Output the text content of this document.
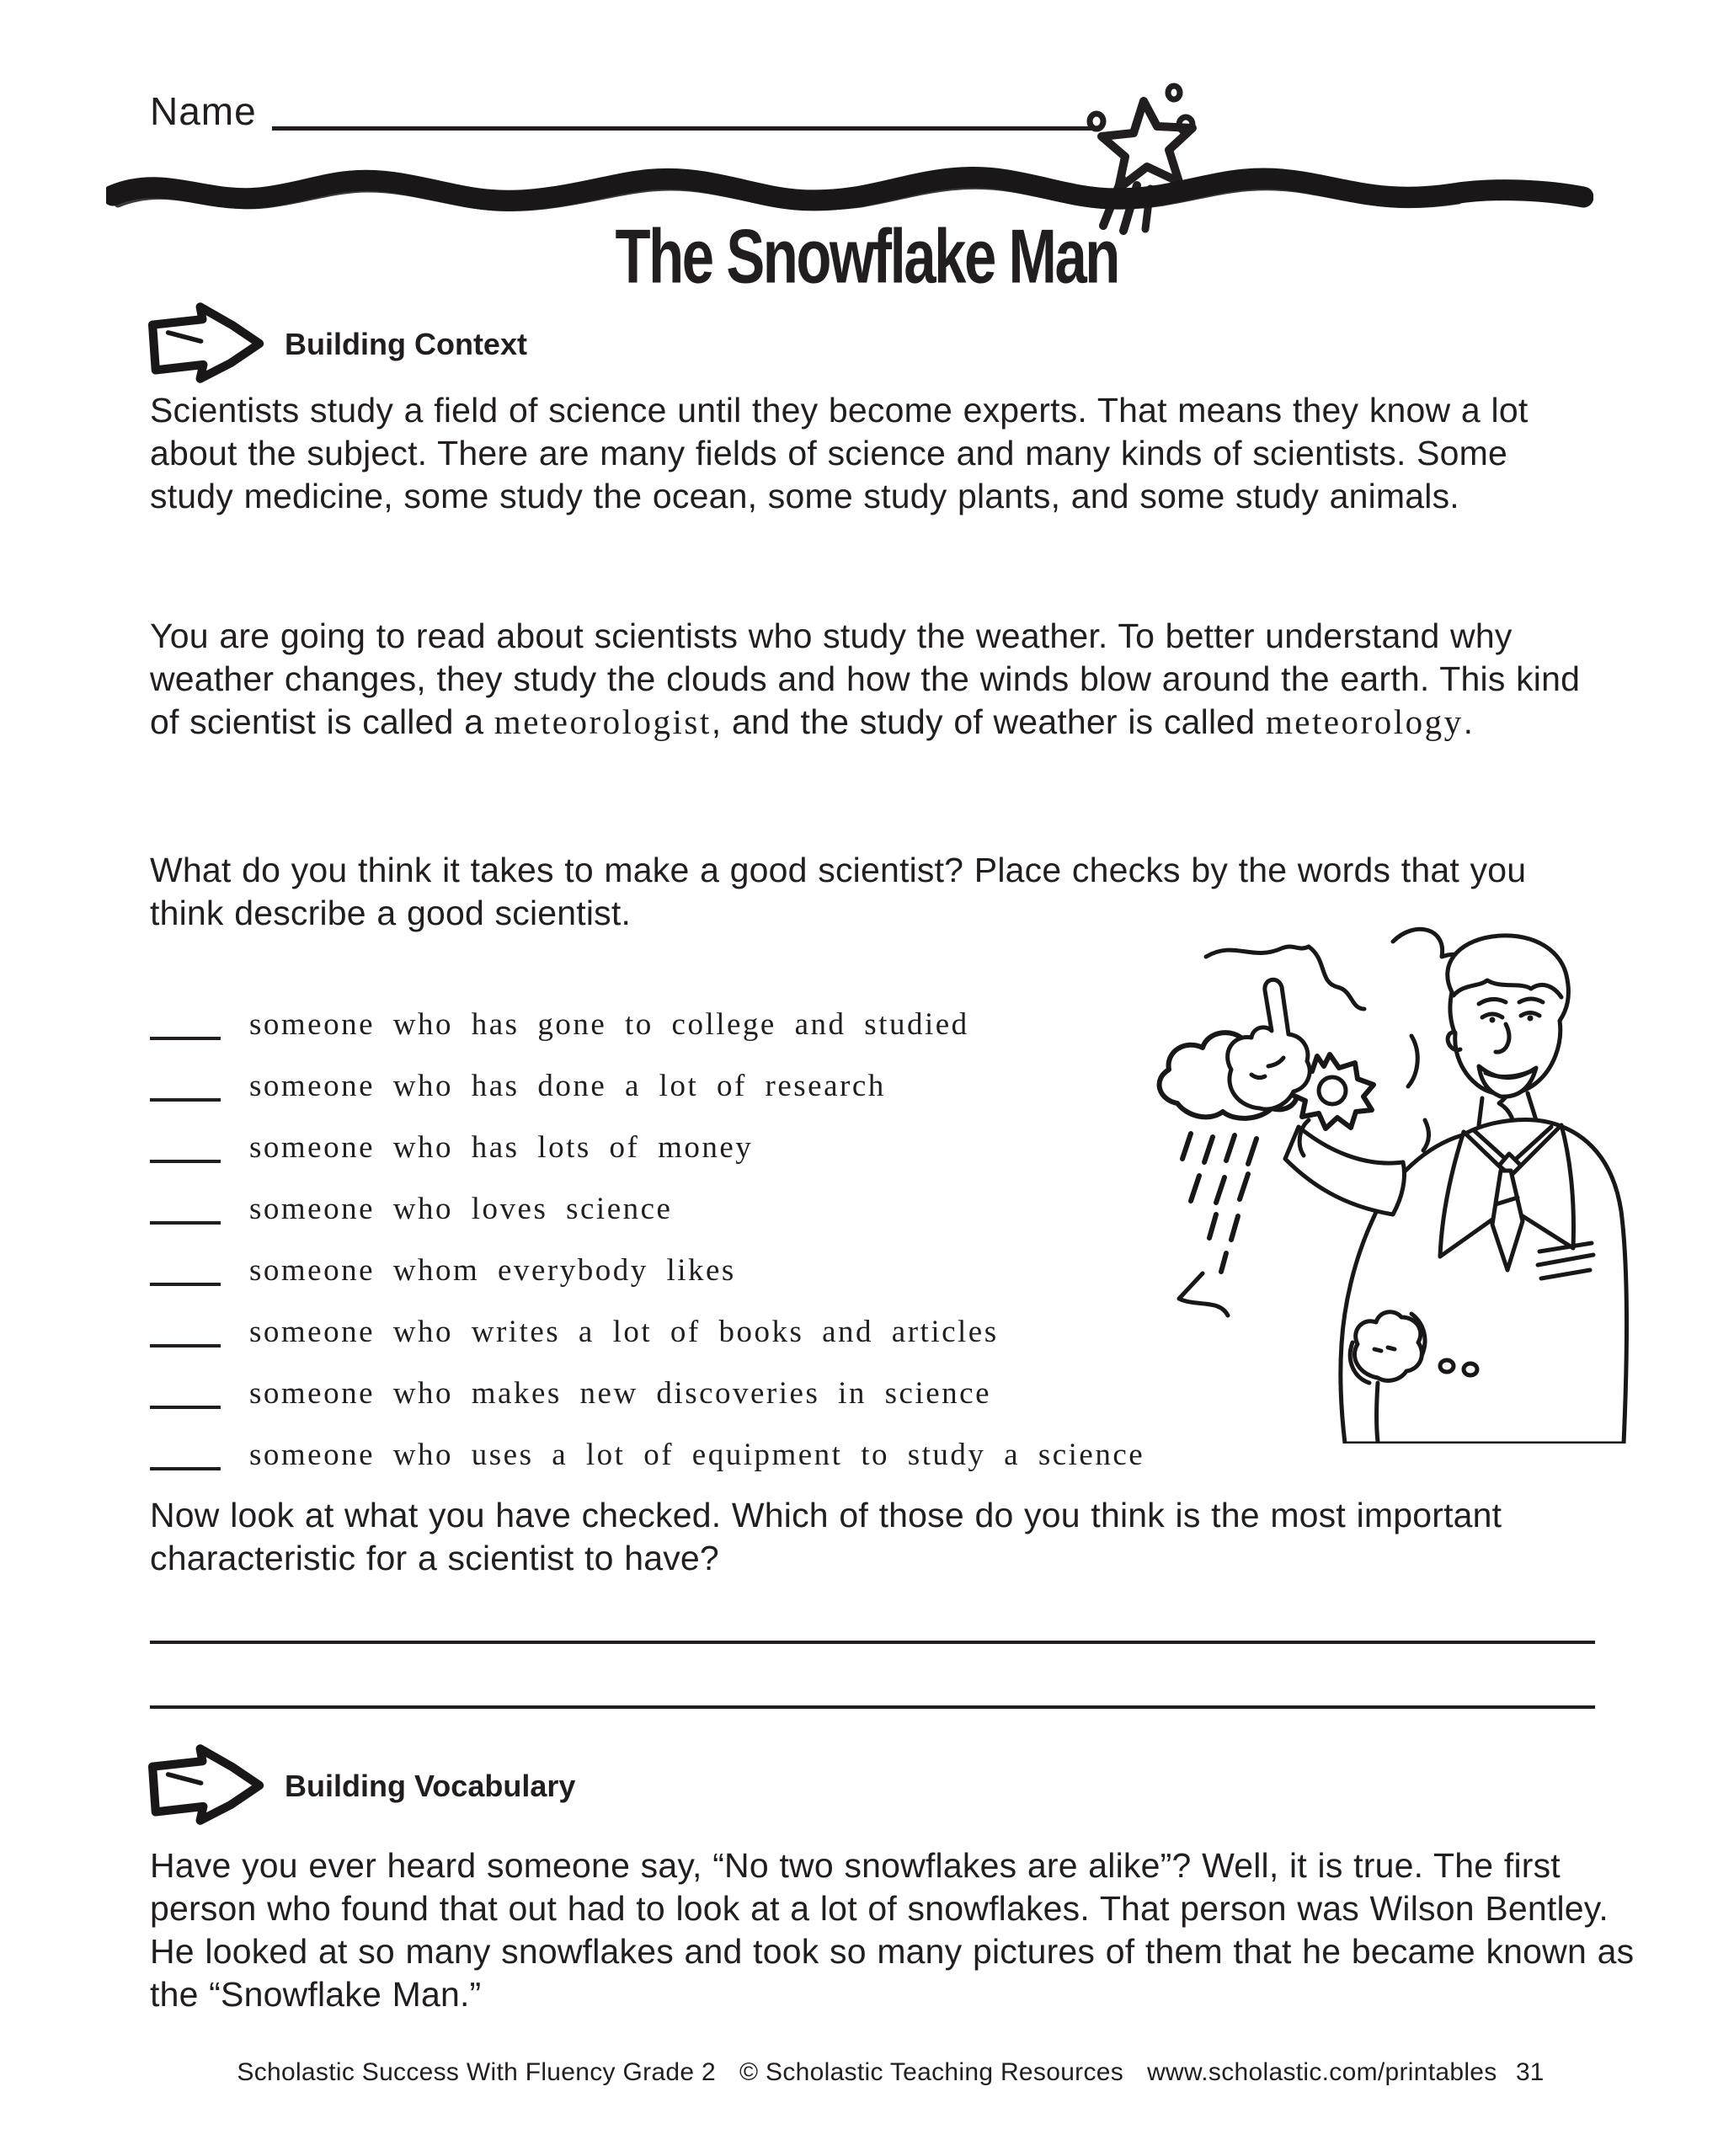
Name
The Snowflake Man
Building Context

Scientists study a field of science until they become experts. That means they know a lot about the subject. There are many fields of science and many kinds of scientists. Some study medicine, some study the ocean, some study plants, and some study animals.

You are going to read about scientists who study the weather. To better understand why weather changes, they study the clouds and how the winds blow around the earth. This kind of scientist is called a meteorologist, and the study of weather is called meteorology.

What do you think it takes to make a good scientist? Place checks by the words that you think describe a good scientist.

someone who has gone to college and studied
someone who has done a lot of research
someone who has lots of money
someone who loves science
someone whom everybody likes
someone who writes a lot of books and articles
someone who makes new discoveries in science
someone who uses a lot of equipment to study a science

Now look at what you have checked. Which of those do you think is the most important characteristic for a scientist to have?

Building Vocabulary

Have you ever heard someone say, “No two snowflakes are alike”? Well, it is true. The first person who found that out had to look at a lot of snowflakes. That person was Wilson Bentley. He looked at so many snowflakes and took so many pictures of them that he became known as the “Snowflake Man.”

Scholastic Success With Fluency Grade 2 © Scholastic Teaching Resources www.scholastic.com/printables 31
